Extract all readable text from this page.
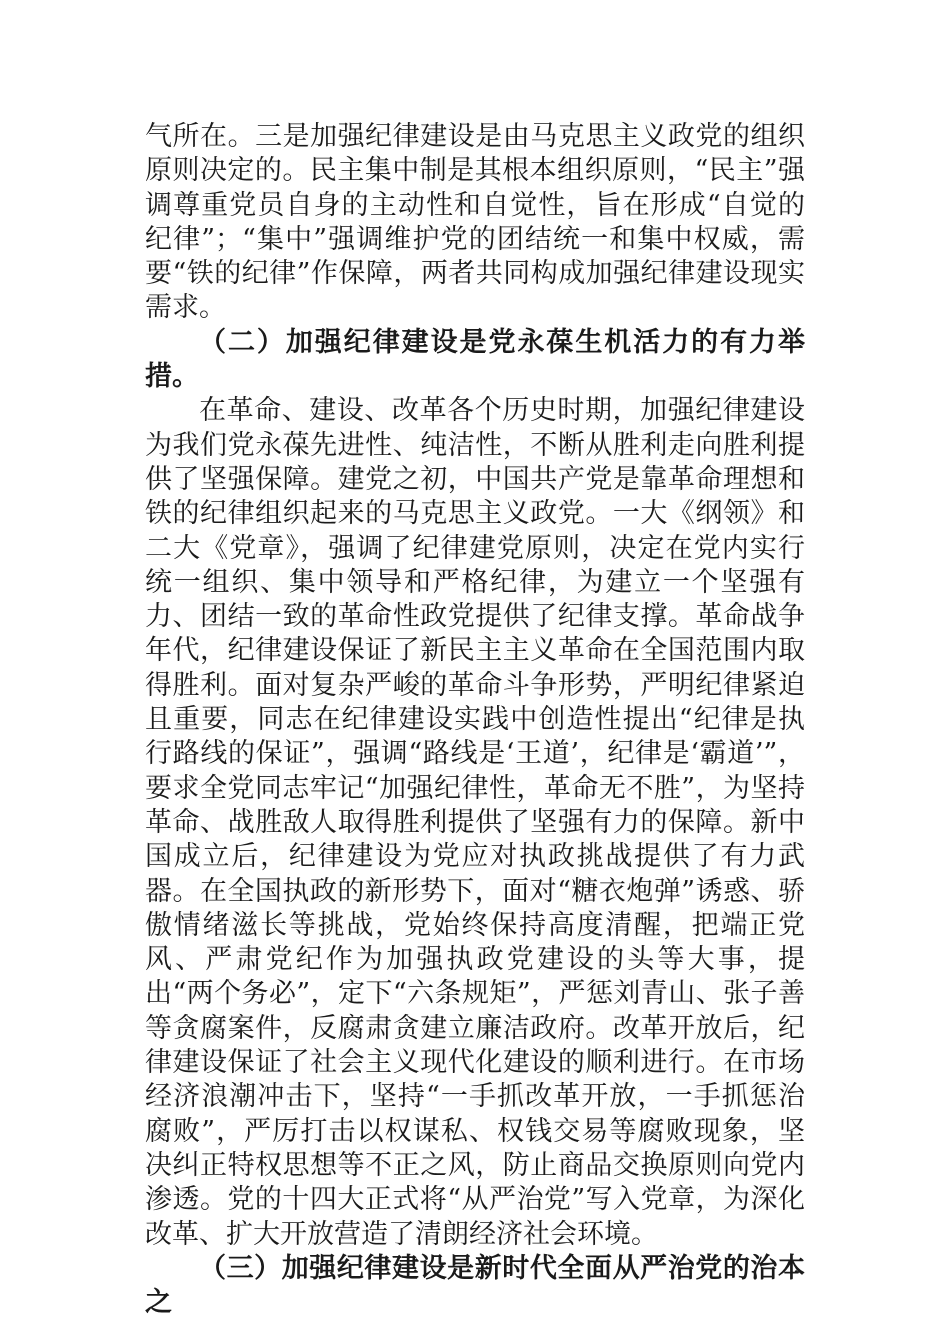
气所在。三是加强纪律建设是由马克思主义政党的组织原则决定的。民主集中制是其根本组织原则，“民主”强调尊重党员自身的主动性和自觉性，旨在形成“自觉的纪律”；“集中”强调维护党的团结统一和集中权威，需要“铁的纪律”作保障，两者共同构成加强纪律建设现实需求。

（二）加强纪律建设是党永葆生机活力的有力举措。

在革命、建设、改革各个历史时期，加强纪律建设为我们党永葆先进性、纯洁性，不断从胜利走向胜利提供了坚强保障。建党之初，中国共产党是靠革命理想和铁的纪律组织起来的马克思主义政党。一大《纲领》和二大《党章》，强调了纪律建党原则，决定在党内实行统一组织、集中领导和严格纪律，为建立一个坚强有力、团结一致的革命性政党提供了纪律支撑。革命战争年代，纪律建设保证了新民主主义革命在全国范围内取得胜利。面对复杂严峻的革命斗争形势，严明纪律紧迫且重要，同志在纪律建设实践中创造性提出“纪律是执行路线的保证”，强调“路线是‘王道’，纪律是‘霸道’”，要求全党同志牢记“加强纪律性，革命无不胜”，为坚持革命、战胜敌人取得胜利提供了坚强有力的保障。新中国成立后，纪律建设为党应对执政挑战提供了有力武器。在全国执政的新形势下，面对“糖衣炮弹”诱惑、骄傲情绪滋长等挑战，党始终保持高度清醒，把端正党风、严肃党纪作为加强执政党建设的头等大事，提出“两个务必”，定下“六条规矩”，严惩刘青山、张子善等贪腐案件，反腐肃贪建立廉洁政府。改革开放后，纪律建设保证了社会主义现代化建设的顺利进行。在市场经济浪潮冲击下，坚持“一手抓改革开放，一手抓惩治腐败”，严厉打击以权谋私、权钱交易等腐败现象，坚决纠正特权思想等不正之风，防止商品交换原则向党内渗透。党的十四大正式将“从严治党”写入党章，为深化改革、扩大开放营造了清朗经济社会环境。

（三）加强纪律建设是新时代全面从严治党的治本之
